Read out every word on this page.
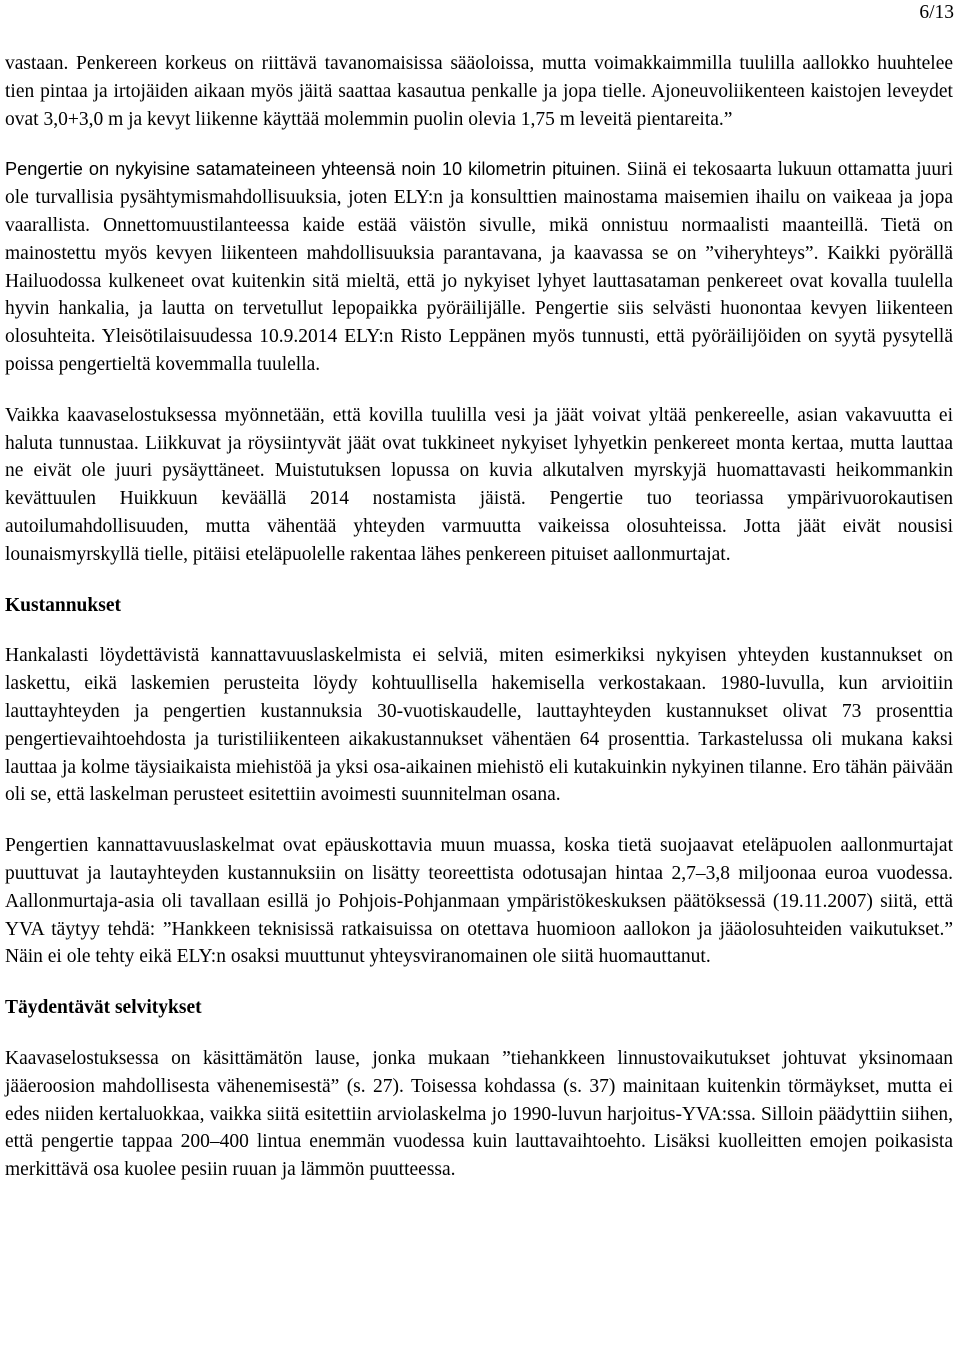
6/13

vastaan. Penkereen korkeus on riittävä tavanomaisissa sääoloissa, mutta voimakkaimmilla tuulilla aallokko huuhtelee tien pintaa ja irtojäiden aikaan myös jäitä saattaa kasautua penkalle ja jopa tielle. Ajoneuvoliikenteen kaistojen leveydet ovat 3,0+3,0 m ja kevyt liikenne käyttää molemmin puolin olevia 1,75 m leveitä pientareita.”

Pengertie on nykyisine satamateineen yhteensä noin 10 kilometrin pituinen. Siinä ei tekosaarta lukuun ottamatta juuri ole turvallisia pysähtymismahdollisuuksia, joten ELY:n ja konsulttien mainostama maisemien ihailu on vaikeaa ja jopa vaarallista. Onnettomuustilanteessa kaide estää väistön sivulle, mikä onnistuu normaalisti maanteillä. Tietä on mainostettu myös kevyen liikenteen mahdollisuuksia parantavana, ja kaavassa se on ”viheryhteys”. Kaikki pyörällä Hailuodossa kulkeneet ovat kuitenkin sitä mieltä, että jo nykyiset lyhyet lauttasataman penkereet ovat kovalla tuulella hyvin hankalia, ja lautta on tervetullut lepopaikka pyöräilijälle. Pengertie siis selvästi huonontaa kevyen liikenteen olosuhteita. Yleisötilaisuudessa 10.9.2014 ELY:n Risto Leppänen myös tunnusti, että pyöräilijöiden on syytä pysytellä poissa pengertieltä kovemmalla tuulella.

Vaikka kaavaselostuksessa myönnetään, että kovilla tuulilla vesi ja jäät voivat yltää penkereelle, asian vakavuutta ei haluta tunnustaa. Liikkuvat ja röysiintyvät jäät ovat tukkineet nykyiset lyhyetkin penkereet monta kertaa, mutta lauttaa ne eivät ole juuri pysäyttäneet. Muistutuksen lopussa on kuvia alkutalven myrskyjä huomattavasti heikommankin kevättuulen Huikkuun keväällä 2014 nostamista jäistä. Pengertie tuo teoriassa ympärivuorokautisen autoilumahdollisuuden, mutta vähentää yhteyden varmuutta vaikeissa olosuhteissa. Jotta jäät eivät nousisi lounaismyrskyllä tielle, pitäisi eteläpuolelle rakentaa lähes penkereen pituiset aallonmurtajat.

Kustannukset

Hankalasti löydettävistä kannattavuuslaskelmista ei selviä, miten esimerkiksi nykyisen yhteyden kustannukset on laskettu, eikä laskemien perusteita löydy kohtuullisella hakemisella verkostakaan. 1980-luvulla, kun arvioitiin lauttayhteyden ja pengertien kustannuksia 30-vuotiskaudelle, lauttayhteyden kustannukset olivat 73 prosenttia pengertievaihtoehdosta ja turistiliikenteen aikakustannukset vähentäen 64 prosenttia. Tarkastelussa oli mukana kaksi lauttaa ja kolme täysiaikaista miehistöä ja yksi osa-aikainen miehistö eli kutakuinkin nykyinen tilanne. Ero tähän päivään oli se, että laskelman perusteet esitettiin avoimesti suunnitelman osana.

Pengertien kannattavuuslaskelmat ovat epäuskottavia muun muassa, koska tietä suojaavat eteläpuolen aallonmurtajat puuttuvat ja lautayhteyden kustannuksiin on lisätty teoreettista odotusajan hintaa 2,7–3,8 miljoonaa euroa vuodessa. Aallonmurtaja-asia oli tavallaan esillä jo Pohjois-Pohjanmaan ympäristökeskuksen päätöksessä (19.11.2007) siitä, että YVA täytyy tehdä: ”Hankkeen teknisissä ratkaisuissa on otettava huomioon aallokon ja jääolosuhteiden vaikutukset.” Näin ei ole tehty eikä ELY:n osaksi muuttunut yhteysviranomainen ole siitä huomauttanut.

Täydentävät selvitykset

Kaavaselostuksessa on käsittämätön lause, jonka mukaan ”tiehankkeen linnustovaikutukset johtuvat yksinomaan jääeroosion mahdollisesta vähenemisestä” (s. 27). Toisessa kohdassa (s. 37) mainitaan kuitenkin törmäykset, mutta ei edes niiden kertaluokkaa, vaikka siitä esitettiin arviolaskelma jo 1990-luvun harjoitus-YVA:ssa. Silloin päädyttiin siihen, että pengertie tappaa 200–400 lintua enemmän vuodessa kuin lauttavaihtoehto. Lisäksi kuolleitten emojen poikasista merkittävä osa kuolee pesiin ruuan ja lämmön puutteessa.
